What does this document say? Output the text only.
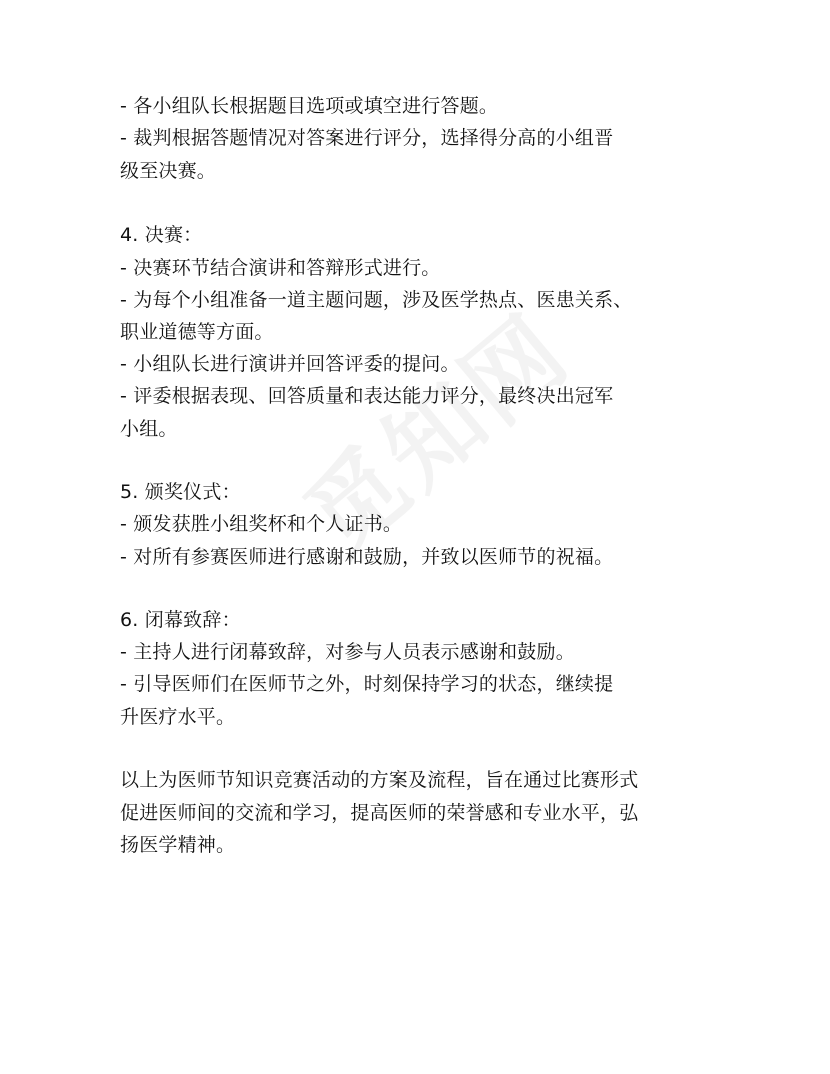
- 各小组队长根据题目选项或填空进行答题。
- 裁判根据答题情况对答案进行评分，选择得分高的小组晋
级至决赛。
4. 决赛：
- 决赛环节结合演讲和答辩形式进行。
- 为每个小组准备一道主题问题，涉及医学热点、医患关系、
职业道德等方面。
- 小组队长进行演讲并回答评委的提问。
- 评委根据表现、回答质量和表达能力评分，最终决出冠军
小组。
5. 颁奖仪式：
- 颁发获胜小组奖杯和个人证书。
- 对所有参赛医师进行感谢和鼓励，并致以医师节的祝福。
6. 闭幕致辞：
- 主持人进行闭幕致辞，对参与人员表示感谢和鼓励。
- 引导医师们在医师节之外，时刻保持学习的状态，继续提
升医疗水平。
以上为医师节知识竞赛活动的方案及流程，旨在通过比赛形式
促进医师间的交流和学习，提高医师的荣誉感和专业水平，弘
扬医学精神。
